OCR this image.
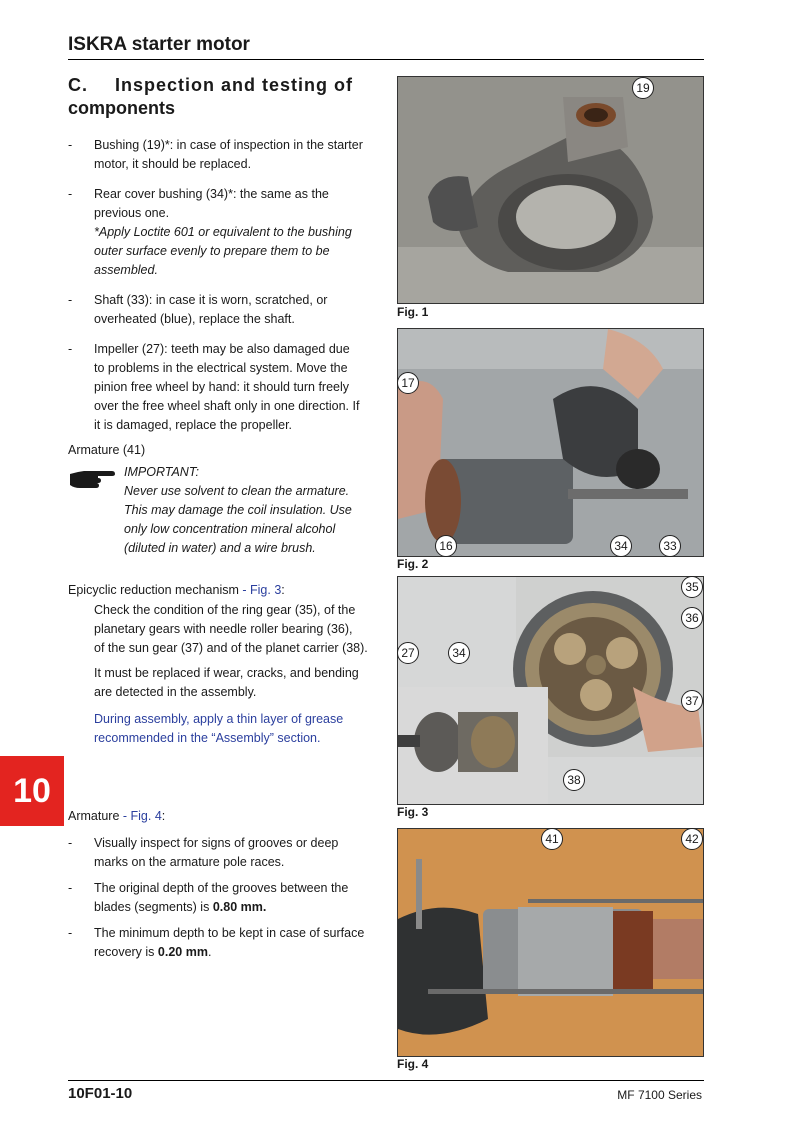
ISKRA starter motor
C. Inspection and testing of
components
- Bushing (19)*: in case of inspection in the starter
motor, it should be replaced.
- Rear cover bushing (34)*: the same as the
previous one.
*Apply Loctite 601 or equivalent to the bushing
outer surface evenly to prepare them to be
assembled.
- Shaft (33): in case it is worn, scratched, or
overheated (blue), replace the shaft.
- Impeller (27): teeth may be also damaged due
to problems in the electrical system. Move the
pinion free wheel by hand: it should turn freely
over the free wheel shaft only in one direction. If
it is damaged, replace the propeller.
Armature (41)
IMPORTANT:
Never use solvent to clean the armature.
This may damage the coil insulation. Use
only low concentration mineral alcohol
(diluted in water) and a wire brush.
Epicyclic reduction mechanism - Fig. 3:
Check the condition of the ring gear (35), of the
planetary gears with needle roller bearing (36),
of the sun gear (37) and of the planet carrier (38).
It must be replaced if wear, cracks, and bending
are detected in the assembly.
During assembly, apply a thin layer of grease
recommended in the “Assembly” section.
10
Armature - Fig. 4:
- Visually inspect for signs of grooves or deep
marks on the armature pole races.
- The original depth of the grooves between the
blades (segments) is 0.80 mm.
- The minimum depth to be kept in case of surface
recovery is 0.20 mm.
19
Fig. 1
17
16	34	33
Fig. 2
35
36
27	34
37
38
Fig. 3
41	42
Fig. 4
10F01-10	MF 7100 Series
